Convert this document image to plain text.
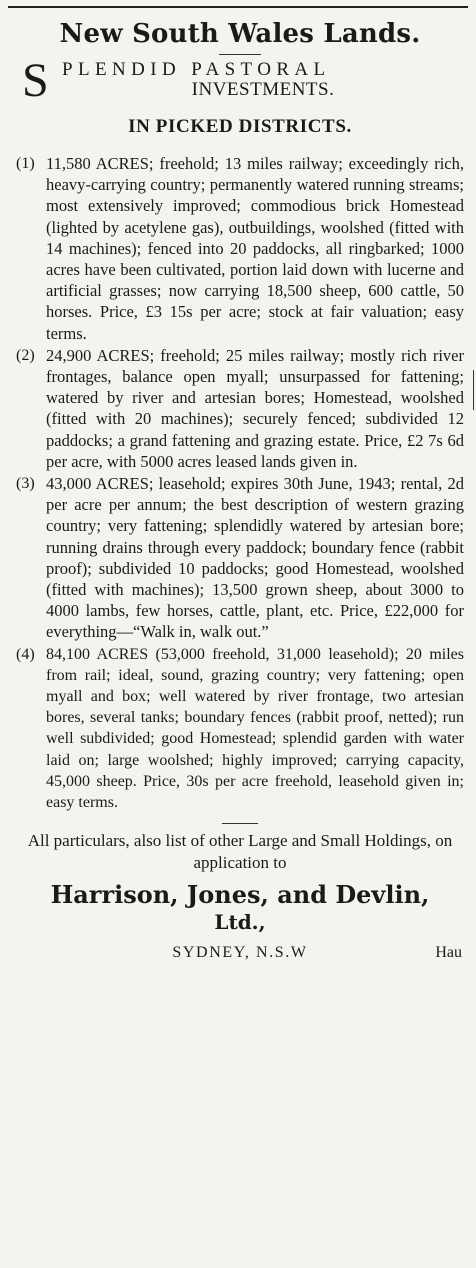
New South Wales Lands.
S PLENDID PASTORAL
INVESTMENTS.
IN PICKED DISTRICTS.
(1) 11,580 ACRES; freehold; 13 miles railway; exceedingly rich, heavy-carrying country; permanently watered running streams; most extensively improved; commodious brick Homestead (lighted by acetylene gas), outbuildings, woolshed (fitted with 14 machines); fenced into 20 paddocks, all ringbarked; 1000 acres have been cultivated, portion laid down with lucerne and artificial grasses; now carrying 18,500 sheep, 600 cattle, 50 horses. Price, £3 15s per acre; stock at fair valuation; easy terms.
(2) 24,900 ACRES; freehold; 25 miles railway; mostly rich river frontages, balance open myall; unsurpassed for fattening; watered by river and artesian bores; Homestead, woolshed (fitted with 20 machines); securely fenced; subdivided 12 paddocks; a grand fattening and grazing estate. Price, £2 7s 6d per acre, with 5000 acres leased lands given in.
(3) 43,000 ACRES; leasehold; expires 30th June, 1943; rental, 2d per acre per annum; the best description of western grazing country; very fattening; splendidly watered by artesian bore; running drains through every paddock; boundary fence (rabbit proof); subdivided 10 paddocks; good Homestead, woolshed (fitted with machines); 13,500 grown sheep, about 3000 to 4000 lambs, few horses, cattle, plant, etc. Price, £22,000 for everything—“Walk in, walk out.”
(4) 84,100 ACRES (53,000 freehold, 31,000 leasehold); 20 miles from rail; ideal, sound, grazing country; very fattening; open myall and box; well watered by river frontage, two artesian bores, several tanks; boundary fences (rabbit proof, netted); run well subdivided; good Homestead; splendid garden with water laid on; large woolshed; highly improved; carrying capacity, 45,000 sheep. Price, 30s per acre freehold, leasehold given in; easy terms.
All particulars, also list of other Large and Small Holdings, on application to
Harrison, Jones, and Devlin,
Ltd.,
SYDNEY, N.S.W	Hau
